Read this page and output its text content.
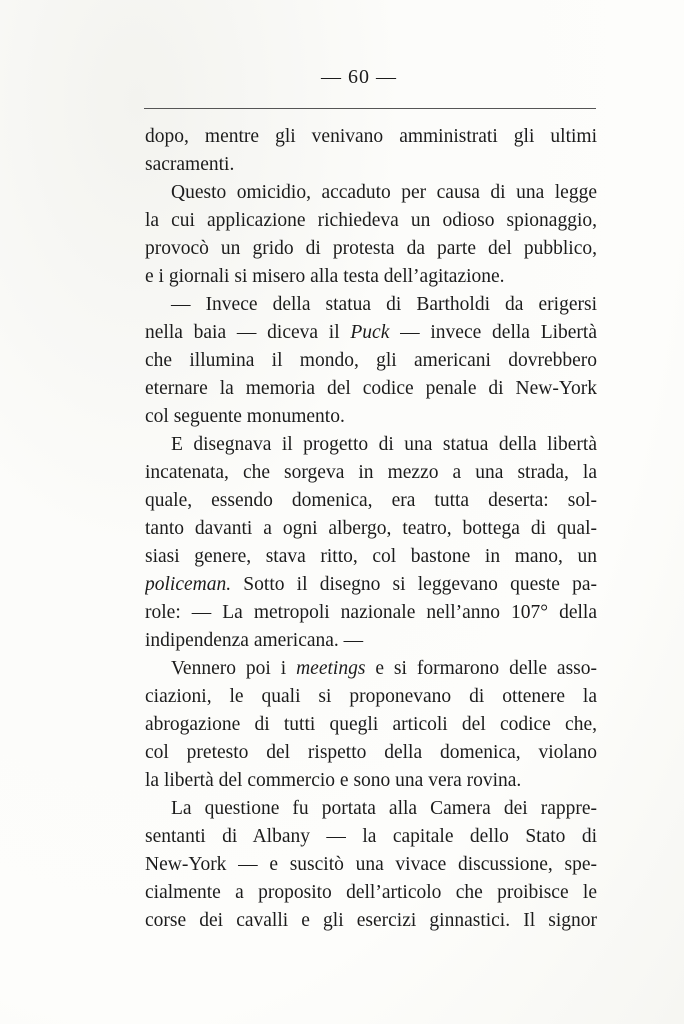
— 60 —
dopo, mentre gli venivano amministrati gli ultimi
sacramenti.
Questo omicidio, accaduto per causa di una legge
la cui applicazione richiedeva un odioso spionaggio,
provocò un grido di protesta da parte del pubblico,
e i giornali si misero alla testa dell’agitazione.
— Invece della statua di Bartholdi da erigersi
nella baia — diceva il Puck — invece della Libertà
che illumina il mondo, gli americani dovrebbero
eternare la memoria del codice penale di New-York
col seguente monumento.
E disegnava il progetto di una statua della libertà
incatenata, che sorgeva in mezzo a una strada, la
quale, essendo domenica, era tutta deserta: sol-
tanto davanti a ogni albergo, teatro, bottega di qual-
siasi genere, stava ritto, col bastone in mano, un
policeman. Sotto il disegno si leggevano queste pa-
role: — La metropoli nazionale nell’anno 107° della
indipendenza americana. —
Vennero poi i meetings e si formarono delle asso-
ciazioni, le quali si proponevano di ottenere la
abrogazione di tutti quegli articoli del codice che,
col pretesto del rispetto della domenica, violano
la libertà del commercio e sono una vera rovina.
La questione fu portata alla Camera dei rappre-
sentanti di Albany — la capitale dello Stato di
New-York — e suscitò una vivace discussione, spe-
cialmente a proposito dell’articolo che proibisce le
corse dei cavalli e gli esercizi ginnastici. Il signor
